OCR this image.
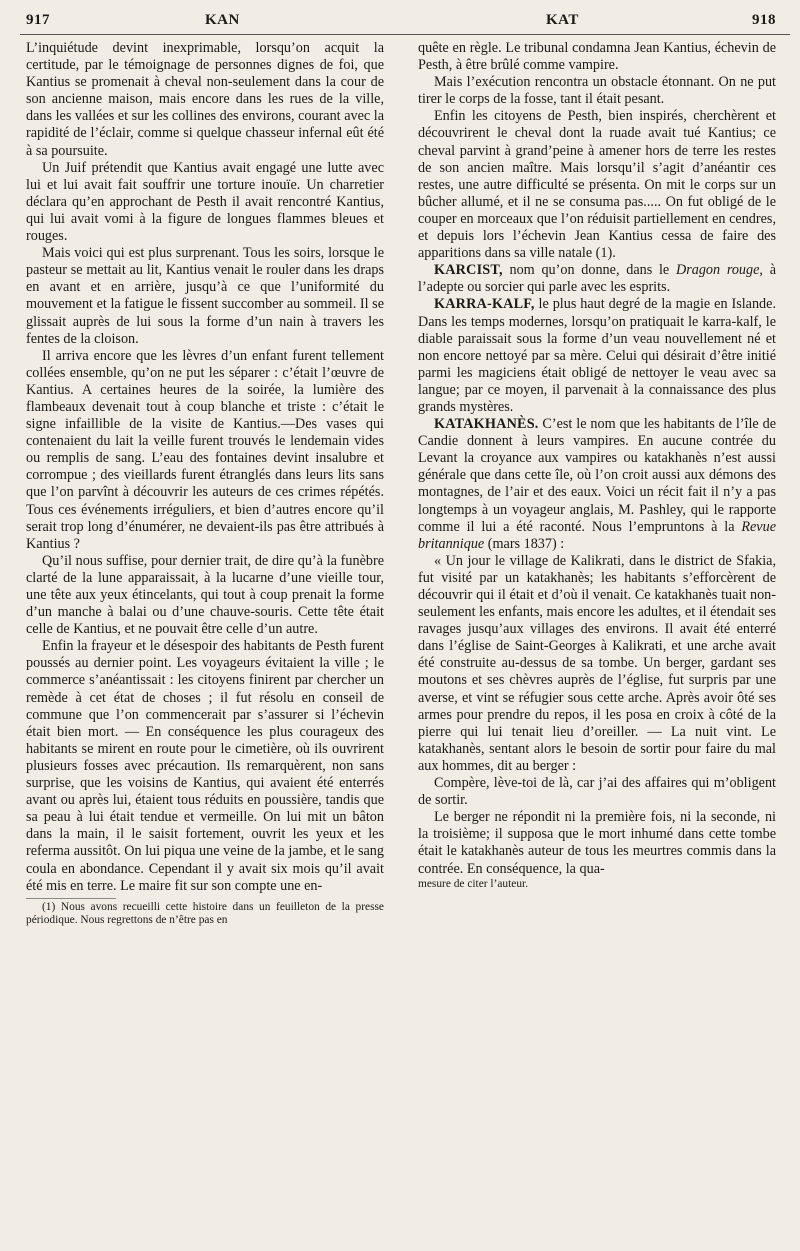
917	KAN	KAT	918

L’inquiétude devint inexprimable, lorsqu’on acquit la certitude, par le témoignage de personnes dignes de foi, que Kantius se promenait à cheval non-seulement dans la cour de son ancienne maison, mais encore dans les rues de la ville, dans les vallées et sur les collines des environs, courant avec la rapidité de l’éclair, comme si quelque chasseur infernal eût été à sa poursuite.

Un Juif prétendit que Kantius avait engagé une lutte avec lui et lui avait fait souffrir une torture inouïe. Un charretier déclara qu’en approchant de Pesth il avait rencontré Kantius, qui lui avait vomi à la figure de longues flammes bleues et rouges.

Mais voici qui est plus surprenant. Tous les soirs, lorsque le pasteur se mettait au lit, Kantius venait le rouler dans les draps en avant et en arrière, jusqu’à ce que l’uniformité du mouvement et la fatigue le fissent succomber au sommeil. Il se glissait auprès de lui sous la forme d’un nain à travers les fentes de la cloison.

Il arriva encore que les lèvres d’un enfant furent tellement collées ensemble, qu’on ne put les séparer : c’était l’œuvre de Kantius. A certaines heures de la soirée, la lumière des flambeaux devenait tout à coup blanche et triste : c’était le signe infaillible de la visite de Kantius.—Des vases qui contenaient du lait la veille furent trouvés le lendemain vides ou remplis de sang. L’eau des fontaines devint insalubre et corrompue ; des vieillards furent étranglés dans leurs lits sans que l’on parvînt à découvrir les auteurs de ces crimes répétés. Tous ces événements irréguliers, et bien d’autres encore qu’il serait trop long d’énumérer, ne devaient-ils pas être attribués à Kantius ?

Qu’il nous suffise, pour dernier trait, de dire qu’à la funèbre clarté de la lune apparaissait, à la lucarne d’une vieille tour, une tête aux yeux étincelants, qui tout à coup prenait la forme d’un manche à balai ou d’une chauve-souris. Cette tête était celle de Kantius, et ne pouvait être celle d’un autre.

Enfin la frayeur et le désespoir des habitants de Pesth furent poussés au dernier point. Les voyageurs évitaient la ville ; le commerce s’anéantissait : les citoyens finirent par chercher un remède à cet état de choses ; il fut résolu en conseil de commune que l’on commencerait par s’assurer si l’échevin était bien mort. — En conséquence les plus courageux des habitants se mirent en route pour le cimetière, où ils ouvrirent plusieurs fosses avec précaution. Ils remarquèrent, non sans surprise, que les voisins de Kantius, qui avaient été enterrés avant ou après lui, étaient tous réduits en poussière, tandis que sa peau à lui était tendue et vermeille. On lui mit un bâton dans la main, il le saisit fortement, ouvrit les yeux et les referma aussitôt. On lui piqua une veine de la jambe, et le sang coula en abondance. Cependant il y avait six mois qu’il avait été mis en terre. Le maire fit sur son compte une en-

(1) Nous avons recueilli cette histoire dans un feuilleton de la presse périodique. Nous regrettons de n’être pas en

quête en règle. Le tribunal condamna Jean Kantius, échevin de Pesth, à être brûlé comme vampire.

Mais l’exécution rencontra un obstacle étonnant. On ne put tirer le corps de la fosse, tant il était pesant.

Enfin les citoyens de Pesth, bien inspirés, cherchèrent et découvrirent le cheval dont la ruade avait tué Kantius; ce cheval parvint à grand’peine à amener hors de terre les restes de son ancien maître. Mais lorsqu’il s’agit d’anéantir ces restes, une autre difficulté se présenta. On mit le corps sur un bûcher allumé, et il ne se consuma pas..... On fut obligé de le couper en morceaux que l’on réduisit partiellement en cendres, et depuis lors l’échevin Jean Kantius cessa de faire des apparitions dans sa ville natale (1).

KARCIST, nom qu’on donne, dans le Dragon rouge, à l’adepte ou sorcier qui parle avec les esprits.

KARRA-KALF, le plus haut degré de la magie en Islande. Dans les temps modernes, lorsqu’on pratiquait le karra-kalf, le diable paraissait sous la forme d’un veau nouvellement né et non encore nettoyé par sa mère. Celui qui désirait d’être initié parmi les magiciens était obligé de nettoyer le veau avec sa langue; par ce moyen, il parvenait à la connaissance des plus grands mystères.

KATAKHANÈS. C’est le nom que les habitants de l’île de Candie donnent à leurs vampires. En aucune contrée du Levant la croyance aux vampires ou katakhanès n’est aussi générale que dans cette île, où l’on croit aussi aux démons des montagnes, de l’air et des eaux. Voici un récit fait il n’y a pas longtemps à un voyageur anglais, M. Pashley, qui le rapporte comme il lui a été raconté. Nous l’empruntons à la Revue britannique (mars 1837) :

« Un jour le village de Kalikrati, dans le district de Sfakia, fut visité par un katakhanès; les habitants s’efforcèrent de découvrir qui il était et d’où il venait. Ce katakhanès tuait non-seulement les enfants, mais encore les adultes, et il étendait ses ravages jusqu’aux villages des environs. Il avait été enterré dans l’église de Saint-Georges à Kalikrati, et une arche avait été construite au-dessus de sa tombe. Un berger, gardant ses moutons et ses chèvres auprès de l’église, fut surpris par une averse, et vint se réfugier sous cette arche. Après avoir ôté ses armes pour prendre du repos, il les posa en croix à côté de la pierre qui lui tenait lieu d’oreiller. — La nuit vint. Le katakhanès, sentant alors le besoin de sortir pour faire du mal aux hommes, dit au berger :

Compère, lève-toi de là, car j’ai des affaires qui m’obligent de sortir.

Le berger ne répondit ni la première fois, ni la seconde, ni la troisième; il supposa que le mort inhumé dans cette tombe était le katakhanès auteur de tous les meurtres commis dans la contrée. En conséquence, la qua-

mesure de citer l’auteur.
